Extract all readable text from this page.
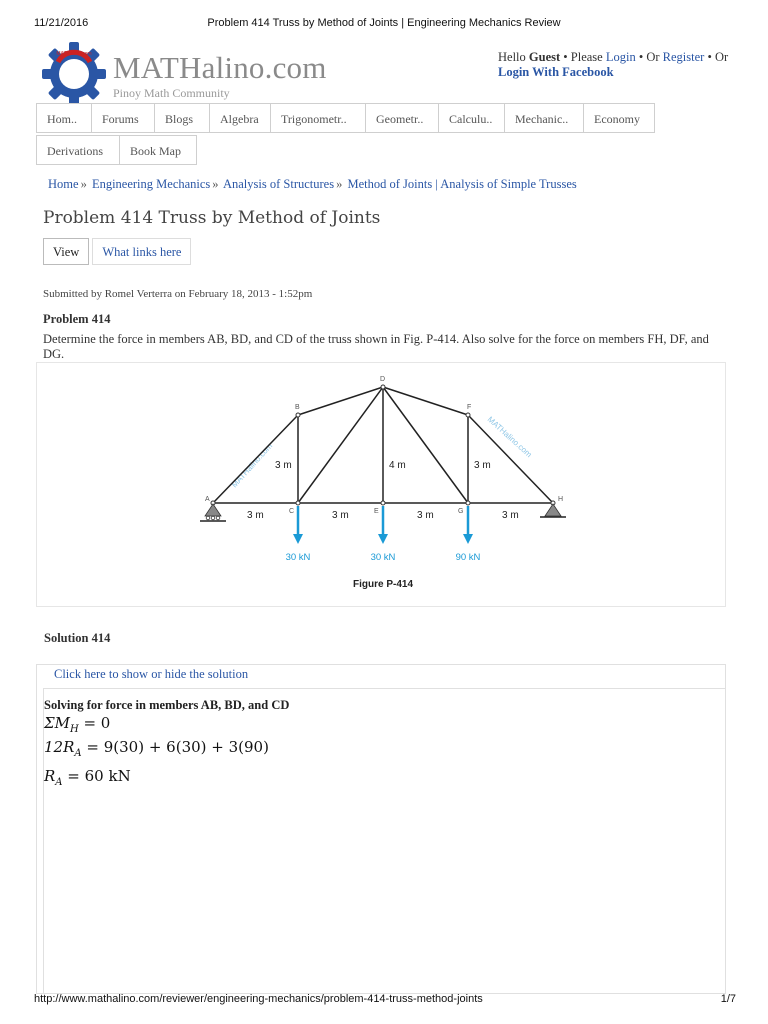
11/21/2016	Problem 414 Truss by Method of Joints | Engineering Mechanics Review
MATHalino.com MATHalino.com
Pinoy Math Community
Hello Guest • Please Login • Or Register • Or
Login With Facebook
Hom..	Forums	Blogs	Algebra	Trigonometr..	Geometr..	Calculu..	Mechanic..	Economy
Derivations	Book Map
Home » Engineering Mechanics » Analysis of Structures » Method of Joints | Analysis of Simple Trusses
Problem 414 Truss by Method of Joints
View	What links here
Submitted by Romel Verterra on February 18, 2013 - 1:52pm
Problem 414
Determine the force in members AB, BD, and CD of the truss shown in Fig. P-414. Also solve for the force on members FH, DF, and DG.
MATHalino.com
MATHalino.com
A
B
C
D
E
F
G
H
3 m	4 m	3 m
3 m	3 m	3 m	3 m
30 kN	30 kN	90 kN
Figure P-414
Solution 414
Click here to show or hide the solution
Solving for force in members AB, BD, and CD
$\Sigma M_H = 0$
$12R_A = 9(30) + 6(30) + 3(90)$
$R_A = 60$ kN
http://www.mathalino.com/reviewer/engineering-mechanics/problem-414-truss-method-joints	1/7
